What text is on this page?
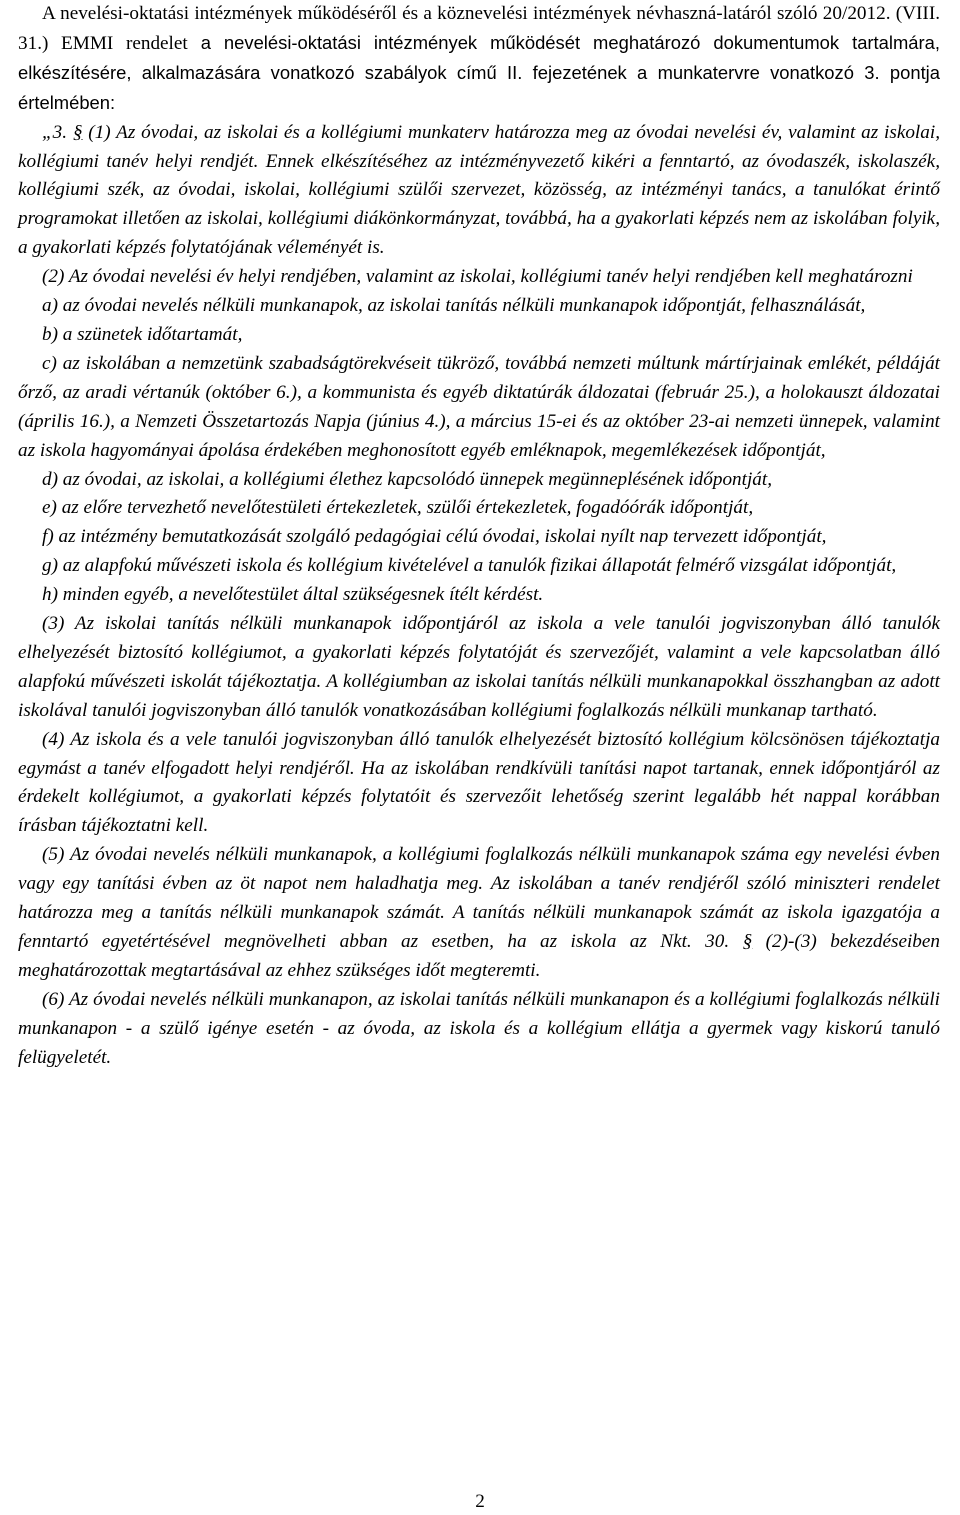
A nevelési-oktatási intézmények működéséről és a köznevelési intézmények névhaszná-latáról szóló 20/2012. (VIII. 31.) EMMI rendelet a nevelési-oktatási intézmények működését meghatározó dokumentumok tartalmára, elkészítésére, alkalmazására vonatkozó szabályok című II. fejezetének a munkatervre vonatkozó 3. pontja értelmében:

„3. § (1) Az óvodai, az iskolai és a kollégiumi munkaterv határozza meg az óvodai nevelési év, valamint az iskolai, kollégiumi tanév helyi rendjét. Ennek elkészítéséhez az intézményvezető kikéri a fenntartó, az óvodaszék, iskolaszék, kollégiumi szék, az óvodai, iskolai, kollégiumi szülői szervezet, közösség, az intézményi tanács, a tanulókat érintő programokat illetően az iskolai, kollégiumi diákönkormányzat, továbbá, ha a gyakorlati képzés nem az iskolában folyik, a gyakorlati képzés folytatójának véleményét is.

(2) Az óvodai nevelési év helyi rendjében, valamint az iskolai, kollégiumi tanév helyi rendjében kell meghatározni

a) az óvodai nevelés nélküli munkanapok, az iskolai tanítás nélküli munkanapok időpontját, felhasználását,

b) a szünetek időtartamát,

c) az iskolában a nemzetünk szabadságtörekvéseit tükröző, továbbá nemzeti múltunk mártírjainak emlékét, példáját őrző, az aradi vértanúk (október 6.), a kommunista és egyéb diktatúrák áldozatai (február 25.), a holokauszt áldozatai (április 16.), a Nemzeti Összetartozás Napja (június 4.), a március 15-ei és az október 23-ai nemzeti ünnepek, valamint az iskola hagyományai ápolása érdekében meghonosított egyéb emléknapok, megemlékezések időpontját,

d) az óvodai, az iskolai, a kollégiumi élethez kapcsolódó ünnepek megünneplésének időpontját,

e) az előre tervezhető nevelőtestületi értekezletek, szülői értekezletek, fogadóórák időpontját,

f) az intézmény bemutatkozását szolgáló pedagógiai célú óvodai, iskolai nyílt nap tervezett időpontját,

g) az alapfokú művészeti iskola és kollégium kivételével a tanulók fizikai állapotát felmérő vizsgálat időpontját,

h) minden egyéb, a nevelőtestület által szükségesnek ítélt kérdést.

(3) Az iskolai tanítás nélküli munkanapok időpontjáról az iskola a vele tanulói jogviszonyban álló tanulók elhelyezését biztosító kollégiumot, a gyakorlati képzés folytatóját és szervezőjét, valamint a vele kapcsolatban álló alapfokú művészeti iskolát tájékoztatja. A kollégiumban az iskolai tanítás nélküli munkanapokkal összhangban az adott iskolával tanulói jogviszonyban álló tanulók vonatkozásában kollégiumi foglalkozás nélküli munkanap tartható.

(4) Az iskola és a vele tanulói jogviszonyban álló tanulók elhelyezését biztosító kollégium kölcsönösen tájékoztatja egymást a tanév elfogadott helyi rendjéről. Ha az iskolában rendkívüli tanítási napot tartanak, ennek időpontjáról az érdekelt kollégiumot, a gyakorlati képzés folytatóit és szervezőit lehetőség szerint legalább hét nappal korábban írásban tájékoztatni kell.

(5) Az óvodai nevelés nélküli munkanapok, a kollégiumi foglalkozás nélküli munkanapok száma egy nevelési évben vagy egy tanítási évben az öt napot nem haladhatja meg. Az iskolában a tanév rendjéről szóló miniszteri rendelet határozza meg a tanítás nélküli munkanapok számát. A tanítás nélküli munkanapok számát az iskola igazgatója a fenntartó egyetértésével megnövelheti abban az esetben, ha az iskola az Nkt. 30. § (2)-(3) bekezdéseiben meghatározottak megtartásával az ehhez szükséges időt megteremti.

(6) Az óvodai nevelés nélküli munkanapon, az iskolai tanítás nélküli munkanapon és a kollégiumi foglalkozás nélküli munkanapon - a szülő igénye esetén - az óvoda, az iskola és a kollégium ellátja a gyermek vagy kiskorú tanuló felügyeletét.

2
